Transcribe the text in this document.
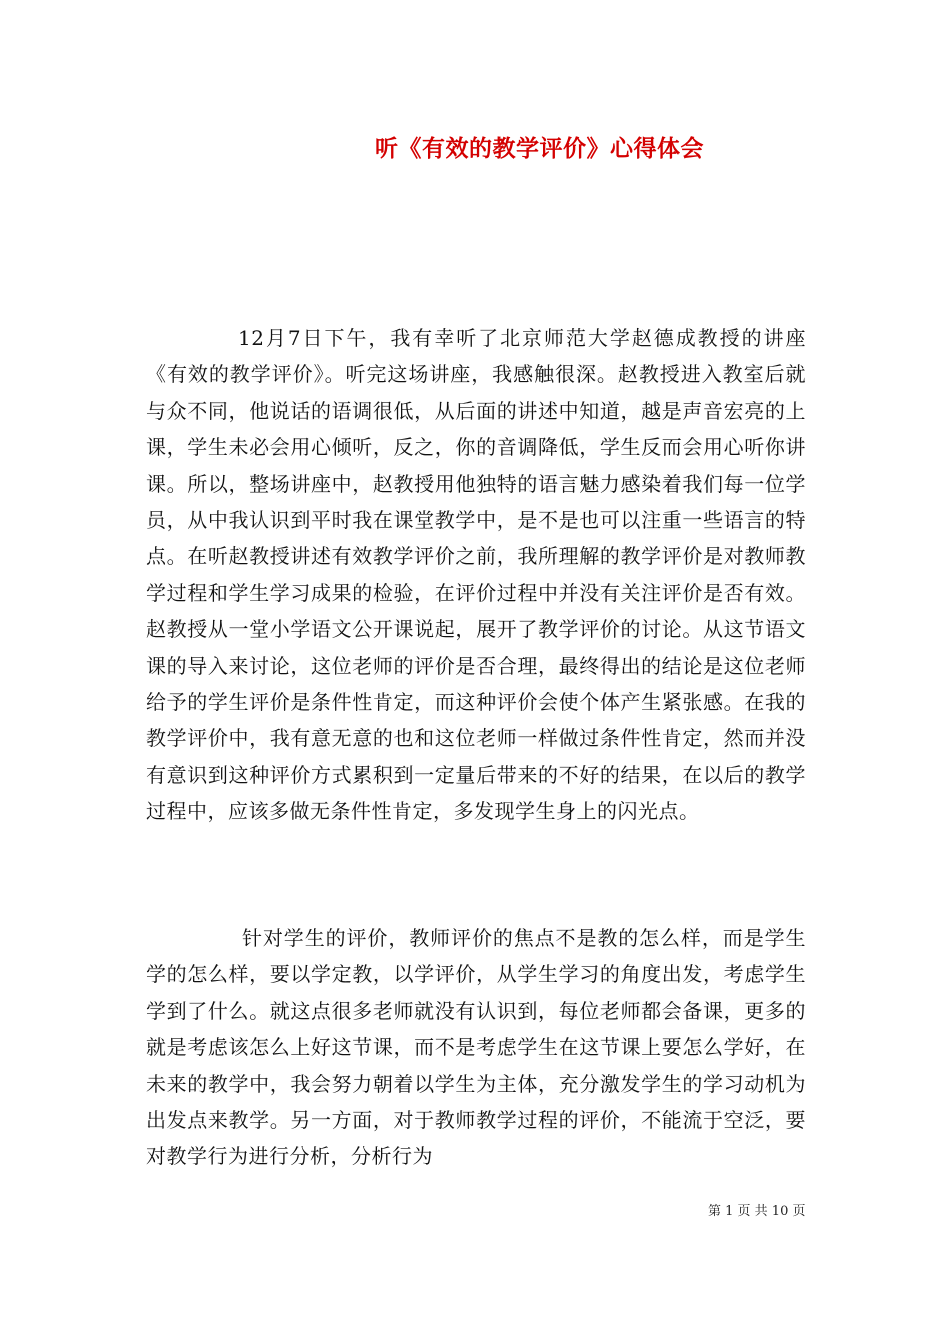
听《有效的教学评价》心得体会

12月7日下午，我有幸听了北京师范大学赵德成教授的讲座《有效的教学评价》。听完这场讲座，我感触很深。赵教授进入教室后就与众不同，他说话的语调很低，从后面的讲述中知道，越是声音宏亮的上课，学生未必会用心倾听，反之，你的音调降低，学生反而会用心听你讲课。所以，整场讲座中，赵教授用他独特的语言魅力感染着我们每一位学员，从中我认识到平时我在课堂教学中，是不是也可以注重一些语言的特点。在听赵教授讲述有效教学评价之前，我所理解的教学评价是对教师教学过程和学生学习成果的检验，在评价过程中并没有关注评价是否有效。赵教授从一堂小学语文公开课说起，展开了教学评价的讨论。从这节语文课的导入来讨论，这位老师的评价是否合理，最终得出的结论是这位老师给予的学生评价是条件性肯定，而这种评价会使个体产生紧张感。在我的教学评价中，我有意无意的也和这位老师一样做过条件性肯定，然而并没有意识到这种评价方式累积到一定量后带来的不好的结果，在以后的教学过程中，应该多做无条件性肯定，多发现学生身上的闪光点。

针对学生的评价，教师评价的焦点不是教的怎么样，而是学生学的怎么样，要以学定教，以学评价，从学生学习的角度出发，考虑学生学到了什么。就这点很多老师就没有认识到，每位老师都会备课，更多的就是考虑该怎么上好这节课，而不是考虑学生在这节课上要怎么学好，在未来的教学中，我会努力朝着以学生为主体，充分激发学生的学习动机为出发点来教学。另一方面，对于教师教学过程的评价，不能流于空泛，要对教学行为进行分析，分析行为

第 1 页 共 10 页
